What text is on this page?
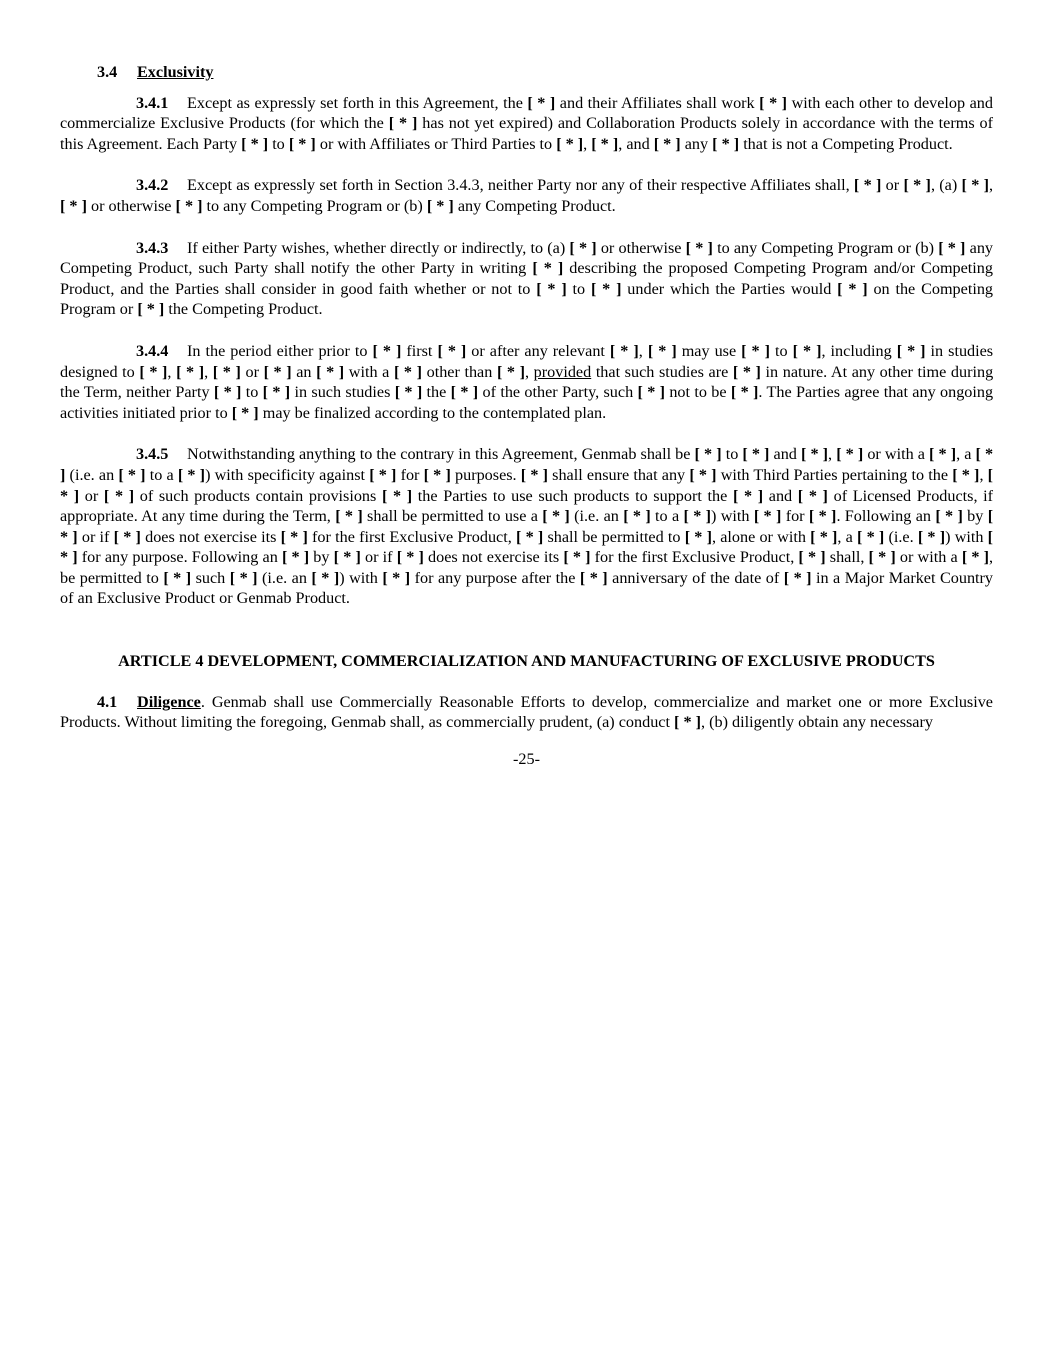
3.4 Exclusivity

3.4.1 Except as expressly set forth in this Agreement, the [ * ] and their Affiliates shall work [ * ] with each other to develop and commercialize Exclusive Products (for which the [ * ] has not yet expired) and Collaboration Products solely in accordance with the terms of this Agreement. Each Party [ * ] to [ * ] or with Affiliates or Third Parties to [ * ], [ * ], and [ * ] any [ * ] that is not a Competing Product.

3.4.2 Except as expressly set forth in Section 3.4.3, neither Party nor any of their respective Affiliates shall, [ * ] or [ * ], (a) [ * ], [ * ] or otherwise [ * ] to any Competing Program or (b) [ * ] any Competing Product.

3.4.3 If either Party wishes, whether directly or indirectly, to (a) [ * ] or otherwise [ * ] to any Competing Program or (b) [ * ] any Competing Product, such Party shall notify the other Party in writing [ * ] describing the proposed Competing Program and/or Competing Product, and the Parties shall consider in good faith whether or not to [ * ] to [ * ] under which the Parties would [ * ] on the Competing Program or [ * ] the Competing Product.

3.4.4 In the period either prior to [ * ] first [ * ] or after any relevant [ * ], [ * ] may use [ * ] to [ * ], including [ * ] in studies designed to [ * ], [ * ], [ * ] or [ * ] an [ * ] with a [ * ] other than [ * ], provided that such studies are [ * ] in nature. At any other time during the Term, neither Party [ * ] to [ * ] in such studies [ * ] the [ * ] of the other Party, such [ * ] not to be [ * ]. The Parties agree that any ongoing activities initiated prior to [ * ] may be finalized according to the contemplated plan.

3.4.5 Notwithstanding anything to the contrary in this Agreement, Genmab shall be [ * ] to [ * ] and [ * ], [ * ] or with a [ * ], a [ * ] (i.e. an [ * ] to a [ * ]) with specificity against [ * ] for [ * ] purposes. [ * ] shall ensure that any [ * ] with Third Parties pertaining to the [ * ], [ * ] or [ * ] of such products contain provisions [ * ] the Parties to use such products to support the [ * ] and [ * ] of Licensed Products, if appropriate. At any time during the Term, [ * ] shall be permitted to use a [ * ] (i.e. an [ * ] to a [ * ]) with [ * ] for [ * ]. Following an [ * ] by [ * ] or if [ * ] does not exercise its [ * ] for the first Exclusive Product, [ * ] shall be permitted to [ * ], alone or with [ * ], a [ * ] (i.e. [ * ]) with [ * ] for any purpose. Following an [ * ] by [ * ] or if [ * ] does not exercise its [ * ] for the first Exclusive Product, [ * ] shall, [ * ] or with a [ * ], be permitted to [ * ] such [ * ] (i.e. an [ * ]) with [ * ] for any purpose after the [ * ] anniversary of the date of [ * ] in a Major Market Country of an Exclusive Product or Genmab Product.

ARTICLE 4 DEVELOPMENT, COMMERCIALIZATION AND MANUFACTURING OF EXCLUSIVE PRODUCTS

4.1 Diligence. Genmab shall use Commercially Reasonable Efforts to develop, commercialize and market one or more Exclusive Products. Without limiting the foregoing, Genmab shall, as commercially prudent, (a) conduct [ * ], (b) diligently obtain any necessary

-25-
